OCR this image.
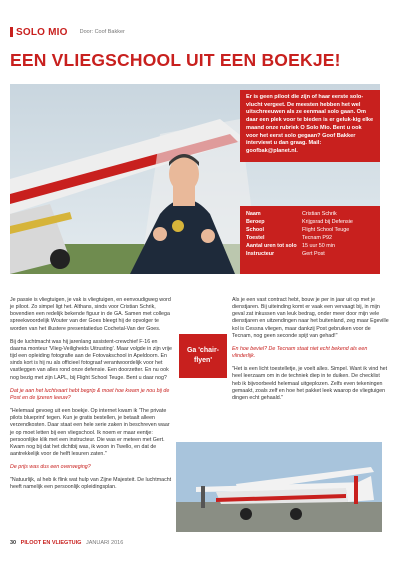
SOLO MIO Door: Coof Bakker
EEN VLIEGSCHOOL UIT EEN BOEKJE!
Er is geen piloot die zijn of haar eerste solo-vlucht vergeet. De meesten hebben het wel uitschreeuwen als ze eenmaal solo gaan. Om daar een plek voor te bieden is er geluk-kig elke maand onze rubriek O Solo Mio. Bent u ook voor het eerst solo gegaan? Goof Bakker interviewt u dan graag. Mail: goofbak@planet.nl.
Naam	Cristian Schrik
Beroep	Krijgsrad bij Defensie
School	Flight School Teuge
Toestel	Tecnam P92
Aantal uren tot solo 15 uur 50 min
Instructeur	Gert Post

Je passie is vliegtuigen, je vak is vliegtuigen, en eenvoudigweg word je piloot. Zo simpel ligt het. Althans, sinds voor Cristian Schrik, bovendien een redelijk bekende figuur in de GA. Samen met collega spreekwoordelijk Wouter van der Goes bleegt hij de opvolger te worden van het illustere presentatieduo Cochetal-Van der Goes.

Bij de luchtmacht was hij jarenlang assistent-crewchief F-16 en daarna monteur 'Vlieg-Veiligheids Uitrusting'. Maar volgde in zijn vrije tijd een opleiding fotografie aan de Fotovakschool in Apeldoorn. En sinds kort is hij nu als officieel fotograaf verantwoordelijk voor het vastleggen van alles rond onze defensie. Een doorzetter. En nu ook nog bezig met zijn LAPL, bij Flight School Teuge. Bent u daar nog?

Dat je aan het luchtvaart hebt begrip & moet hoe kwam je nou bij de Post en de ijzeren leeuw?

"Helemaal gevoeg uit een boekje. Op internet kwam ik 'The private pilots blueprint' tegen. Kun je gratis bestellen, je betaalt alleen verzendkosten. Daar staat een hele serie zaken in beschreven waar je op moet letten bij een vliegschool. Ik noem er maar eentje: persoonlijke klik met een instructeur. Die was er meteen met Gert. Kwam nog bij dat het dichtbij was, ik woon in Twello, en dat de aantrekkelijk voor de helft lesuren zaten."

De prijs was dus een overweging?

"Natuurlijk, al heb ik flink wat hulp van Zijne Majesteit. De luchtmacht heeft namelijk een persoonlijk opleidingsplan.

Ga 'chair-flyen'

Als je een vast contract hebt, bouw je per in jaar uit op met je dienstjaren. Bij uiteinding komt er vaak een vervaagt bij, in mijn geval zat inkussen van leuk bedrag, onder meer door mijn vele dienstjaren en uitzendingen naar het buitenland, zeg maar Egeville kol is Cessna vliegen, maar dankzij Post gebruiken voor de Tecnam, nog geen seconde spijt van gehad!"

En hoe beviel? De Tecnam staat niet echt bekend als een vlinderlijk.

"Het is een licht toestelletje, je voelt alles. Simpel. Want ik vind het heel leerzaam om in de techniek diep in te duiken. De checklist heb ik bijvoorbeeld helemaal uitgeplozen. Zelfs even tekeningen gemaakt, zoals zelf en hoe het pakket leek waarop de vliegtuigen dingen echt gehaald."

30 PILOOT EN VLIEGTUIG JANUARI 2016
